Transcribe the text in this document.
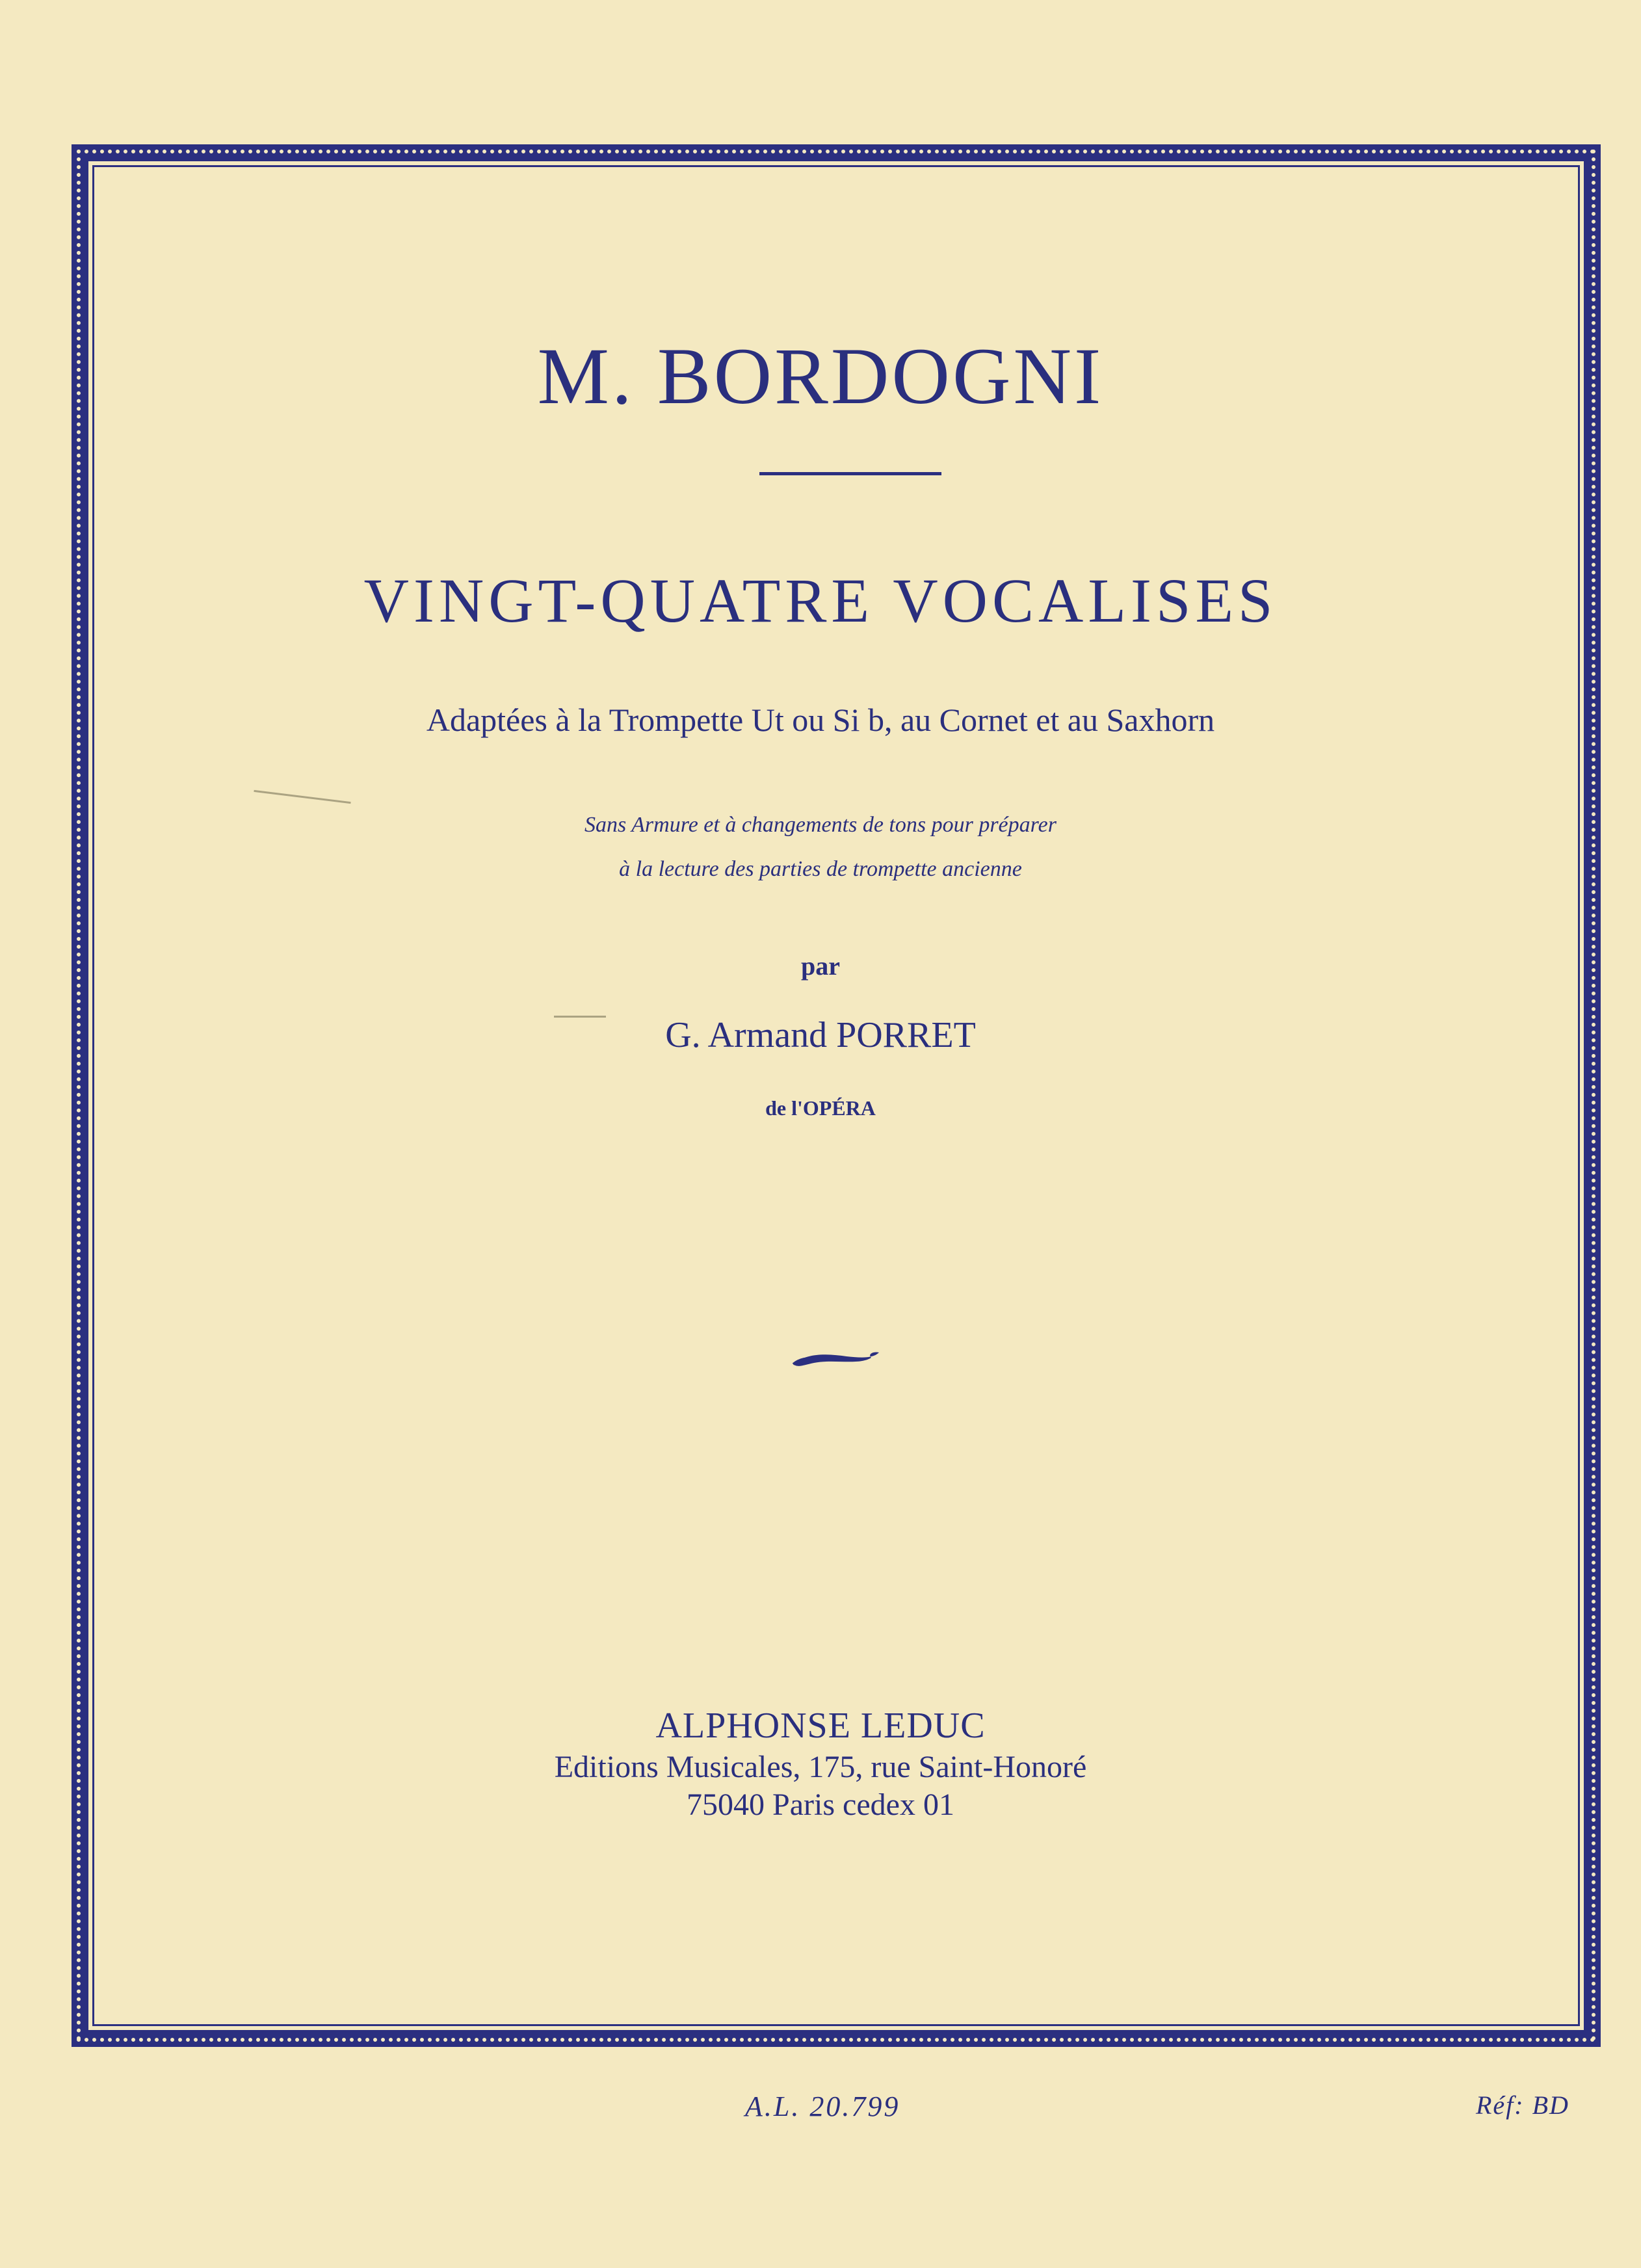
M. BORDOGNI
VINGT-QUATRE VOCALISES
Adaptées à la Trompette Ut ou Si b, au Cornet et au Saxhorn
Sans Armure et à changements de tons pour préparer
à la lecture des parties de trompette ancienne
par
G. Armand PORRET
de l'OPÉRA
ALPHONSE LEDUC
Editions Musicales, 175, rue Saint-Honoré
75040 Paris cedex 01
A.L. 20.799	Réf: BD
